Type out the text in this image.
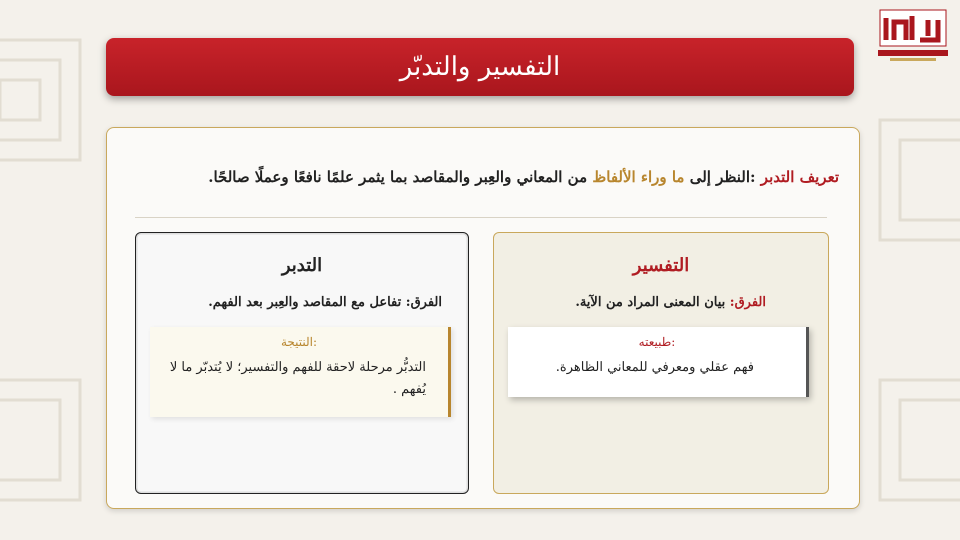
التفسير والتدبّر
تعريف التدبر :النظر إلى ما وراء الألفاظ من المعاني والعِبر والمقاصد بما يثمر علمًا نافعًا وعملًا صالحًا.
التدبر
الفرق: تفاعل مع المقاصد والعِبر بعد الفهم.
النتيجة:
التدبُّر مرحلة لاحقة للفهم والتفسير؛ لا يُتدبّر ما لا يُفهم .
التفسير
الفرق: بيان المعنى المراد من الآية.
طبيعته:
فهم عقلي ومعرفي للمعاني الظاهرة.
